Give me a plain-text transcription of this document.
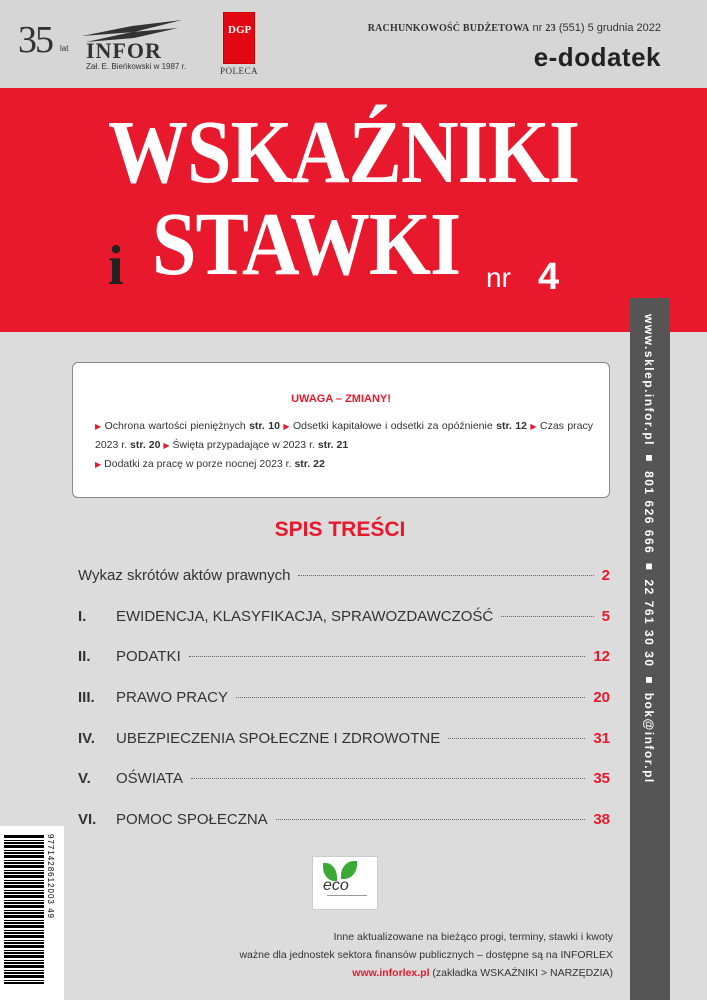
35 lat INFOR
Zał. E. Bieńkowski w 1987 r.
DGP
POLECA
RACHUNKOWOŚĆ BUDŻETOWA nr 23 (551) 5 grudnia 2022
e-dodatek
WSKAŹNIKI
i STAWKI nr 4
www.sklep.infor.pl ■ 801 626 666 ■ 22 761 30 30 ■ bok@infor.pl
UWAGA – ZMIANY!
▶ Ochrona wartości pieniężnych str. 10 ▶ Odsetki kapitałowe i odsetki za opóźnienie str. 12 ▶ Czas pracy 2023 r. str. 20 ▶ Święta przypadające w 2023 r. str. 21
▶ Dodatki za pracę w porze nocnej 2023 r. str. 22
SPIS TREŚCI
Wykaz skrótów aktów prawnych	2
I.	EWIDENCJA, KLASYFIKACJA, SPRAWOZDAWCZOŚĆ	5
II.	PODATKI	12
III.	PRAWO PRACY	20
IV.	UBEZPIECZENIA SPOŁECZNE I ZDROWOTNE	31
V.	OŚWIATA	35
VI.	POMOC SPOŁECZNA	38
eco
Inne aktualizowane na bieżąco progi, terminy, stawki i kwoty
ważne dla jednostek sektora finansów publicznych – dostępne są na INFORLEX
www.inforlex.pl (zakładka WSKAŹNIKI > NARZĘDZIA)
9771428612003 49
